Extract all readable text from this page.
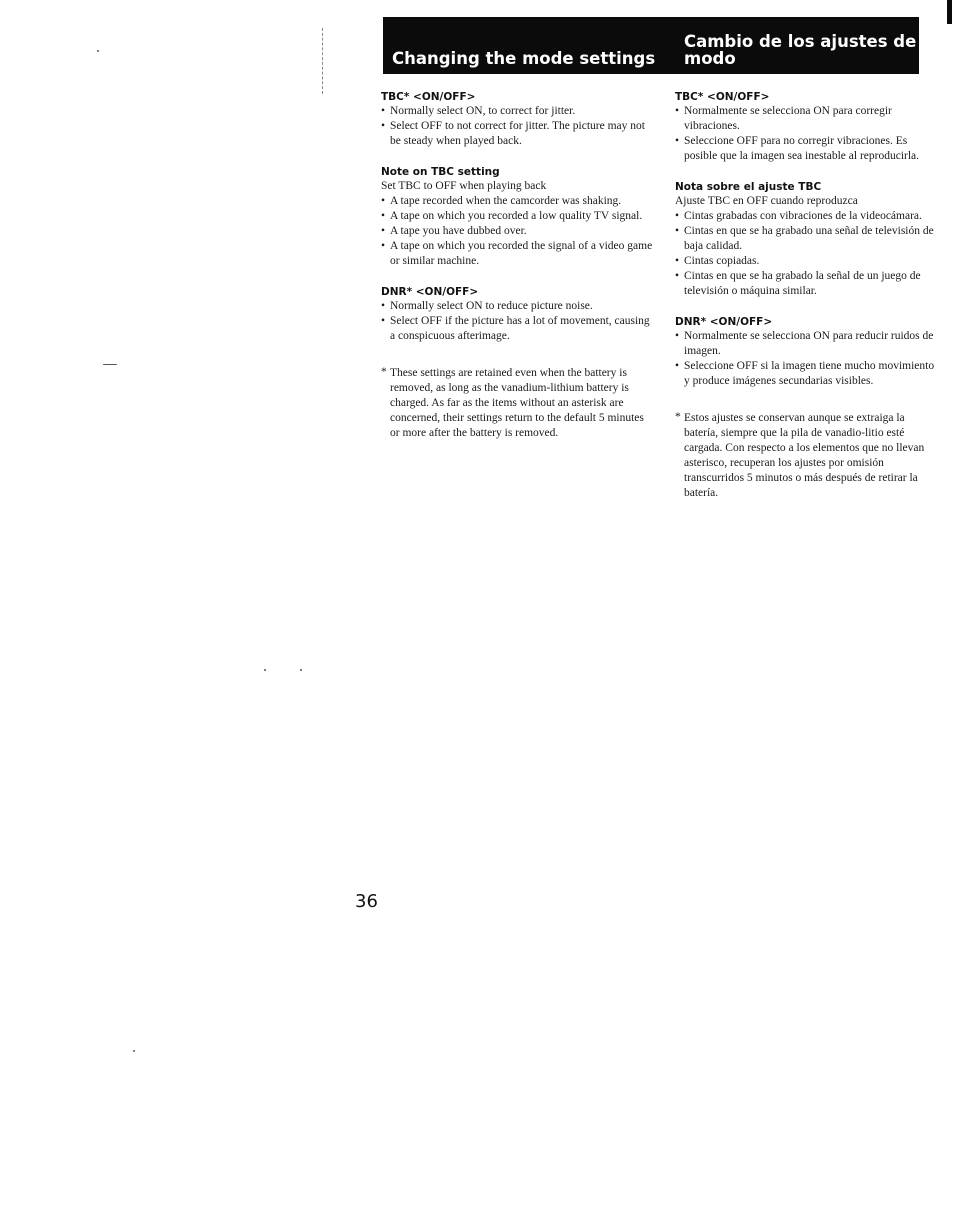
Changing the mode settings
Cambio de los ajustes de
modo

TBC* <ON/OFF>

• Normally select ON, to correct for jitter.
• Select OFF to not correct for jitter. The picture may not be steady when played back.

Note on TBC setting

Set TBC to OFF when playing back

• A tape recorded when the camcorder was shaking.
• A tape on which you recorded a low quality TV signal.
• A tape you have dubbed over.
• A tape on which you recorded the signal of a video game or similar machine.

DNR* <ON/OFF>

• Normally select ON to reduce picture noise.
• Select OFF if the picture has a lot of movement, causing a conspicuous afterimage.
* These settings are retained even when the battery is removed, as long as the vanadium-lithium battery is charged. As far as the items without an asterisk are concerned, their settings return to the default 5 minutes or more after the battery is removed.

TBC* <ON/OFF>

• Normalmente se selecciona ON para corregir vibraciones.
• Seleccione OFF para no corregir vibraciones. Es posible que la imagen sea inestable al reproducirla.

Nota sobre el ajuste TBC

Ajuste TBC en OFF cuando reproduzca

• Cintas grabadas con vibraciones de la videocámara.
• Cintas en que se ha grabado una señal de televisión de baja calidad.
• Cintas copiadas.
• Cintas en que se ha grabado la señal de un juego de televisión o máquina similar.

DNR* <ON/OFF>

• Normalmente se selecciona ON para reducir ruidos de imagen.
• Seleccione OFF si la imagen tiene mucho movimiento y produce imágenes secundarias visibles.
* Estos ajustes se conservan aunque se extraiga la batería, siempre que la pila de vanadio-litio esté cargada. Con respecto a los elementos que no llevan asterisco, recuperan los ajustes por omisión transcurridos 5 minutos o más después de retirar la batería.
36
